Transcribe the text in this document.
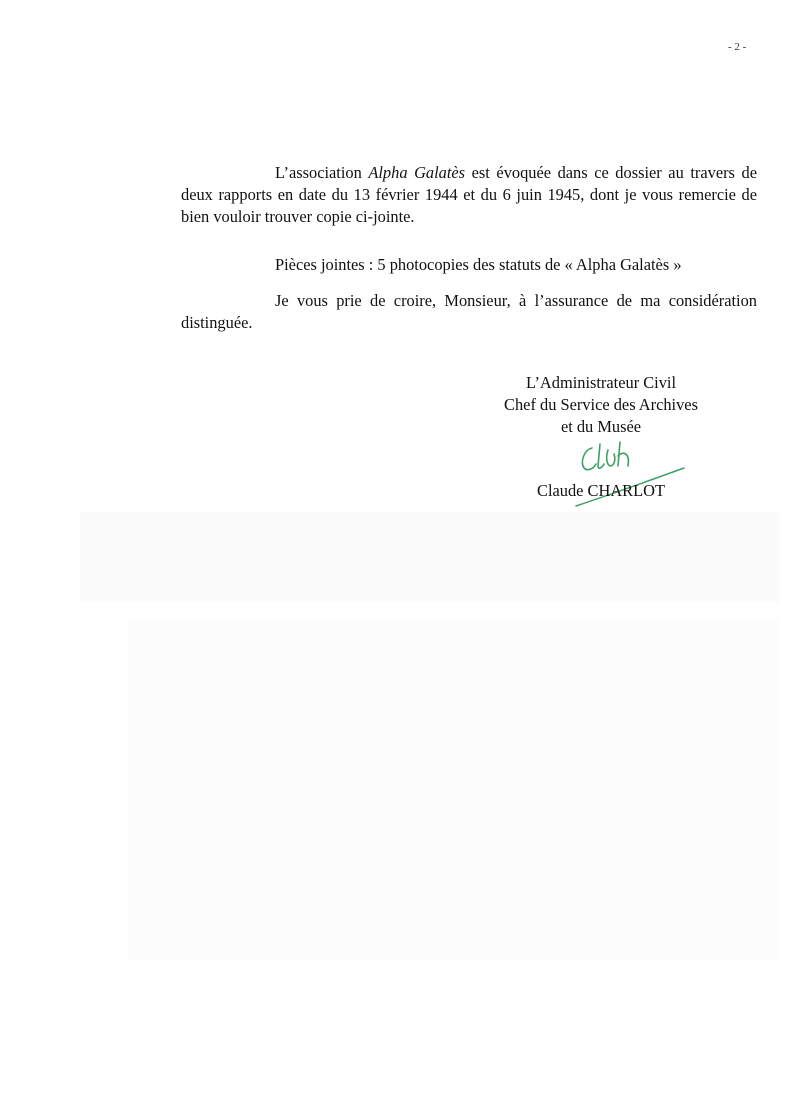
- 2 -

L’association Alpha Galatès est évoquée dans ce dossier au travers de deux rapports en date du 13 février 1944 et du 6 juin 1945, dont je vous remercie de bien vouloir trouver copie ci-jointe.

Pièces jointes : 5 photocopies des statuts de « Alpha Galatès »

Je vous prie de croire, Monsieur, à l’assurance de ma considération distinguée.

L’Administrateur Civil
Chef du Service des Archives
et du Musée
Claude CHARLOT
